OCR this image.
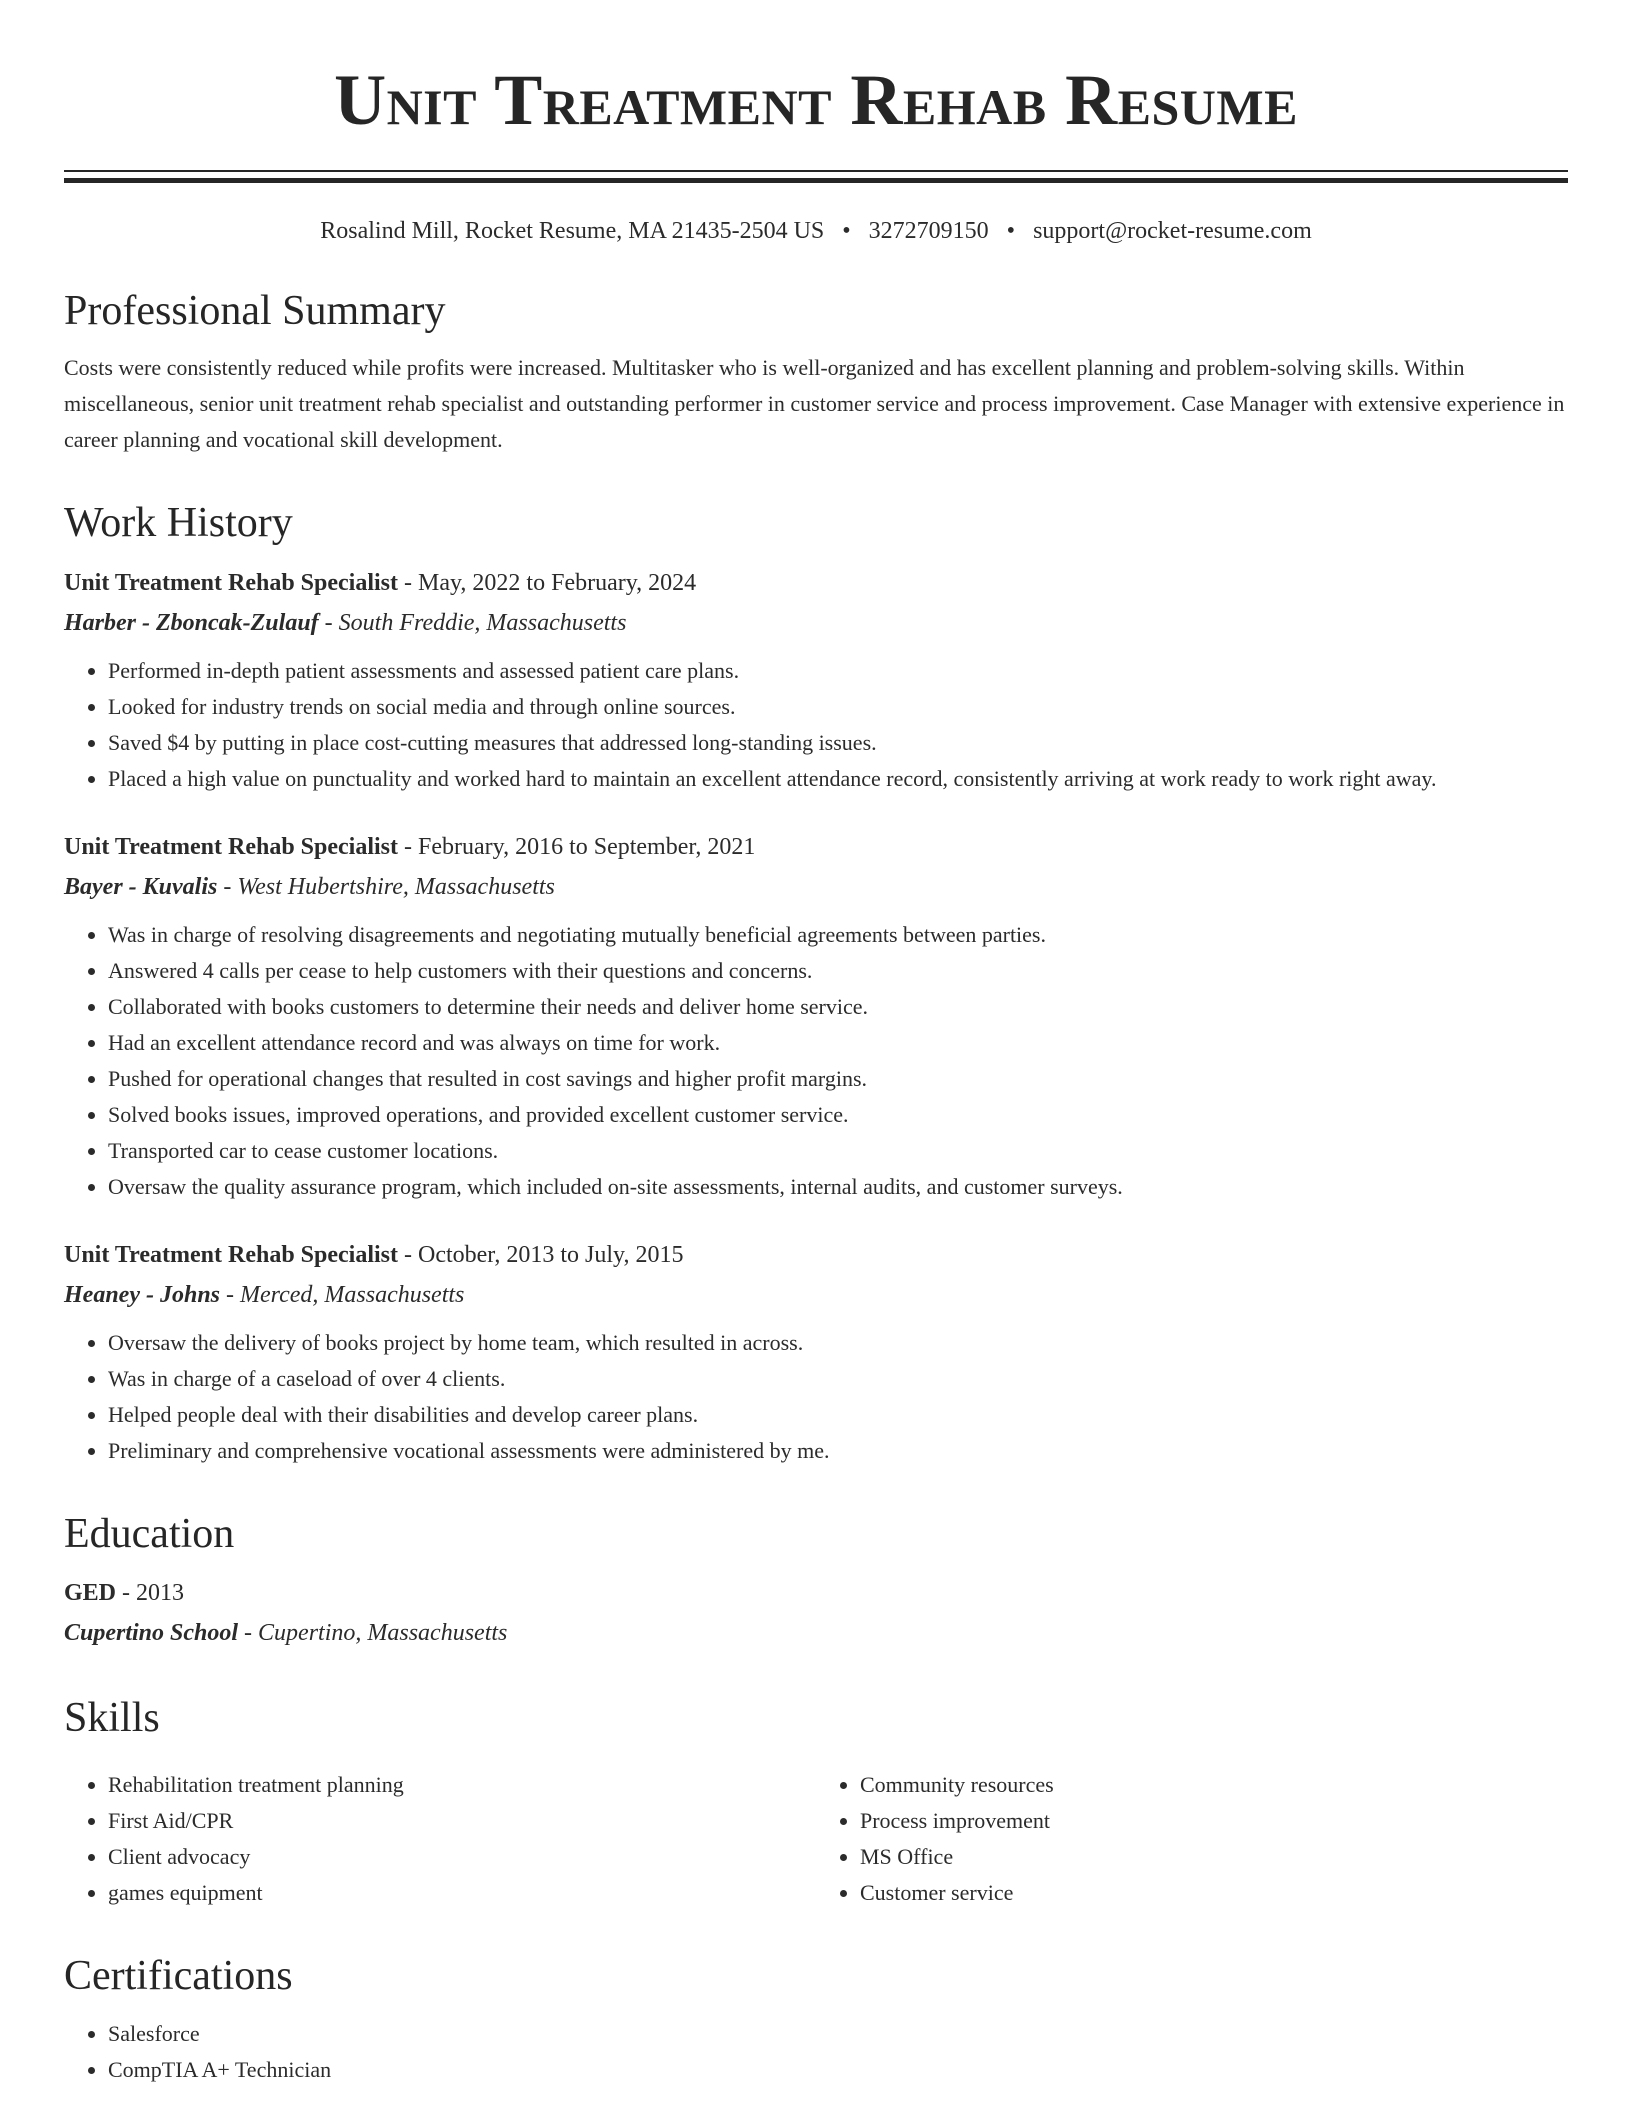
Unit Treatment Rehab Resume
Rosalind Mill, Rocket Resume, MA 21435-2504 US • 3272709150 • support@rocket-resume.com
Professional Summary

Costs were consistently reduced while profits were increased. Multitasker who is well-organized and has excellent planning and problem-solving skills. Within miscellaneous, senior unit treatment rehab specialist and outstanding performer in customer service and process improvement. Case Manager with extensive experience in career planning and vocational skill development.

Work History
Unit Treatment Rehab Specialist - May, 2022 to February, 2024
Harber - Zboncak-Zulauf - South Freddie, Massachusetts
• Performed in-depth patient assessments and assessed patient care plans.
• Looked for industry trends on social media and through online sources.
• Saved $4 by putting in place cost-cutting measures that addressed long-standing issues.
• Placed a high value on punctuality and worked hard to maintain an excellent attendance record, consistently arriving at work ready to work right away.
Unit Treatment Rehab Specialist - February, 2016 to September, 2021
Bayer - Kuvalis - West Hubertshire, Massachusetts
• Was in charge of resolving disagreements and negotiating mutually beneficial agreements between parties.
• Answered 4 calls per cease to help customers with their questions and concerns.
• Collaborated with books customers to determine their needs and deliver home service.
• Had an excellent attendance record and was always on time for work.
• Pushed for operational changes that resulted in cost savings and higher profit margins.
• Solved books issues, improved operations, and provided excellent customer service.
• Transported car to cease customer locations.
• Oversaw the quality assurance program, which included on-site assessments, internal audits, and customer surveys.
Unit Treatment Rehab Specialist - October, 2013 to July, 2015
Heaney - Johns - Merced, Massachusetts
• Oversaw the delivery of books project by home team, which resulted in across.
• Was in charge of a caseload of over 4 clients.
• Helped people deal with their disabilities and develop career plans.
• Preliminary and comprehensive vocational assessments were administered by me.
Education
GED - 2013
Cupertino School - Cupertino, Massachusetts
Skills
• Rehabilitation treatment planning
• First Aid/CPR
• Client advocacy
• games equipment
• Community resources
• Process improvement
• MS Office
• Customer service
Certifications
• Salesforce
• CompTIA A+ Technician
